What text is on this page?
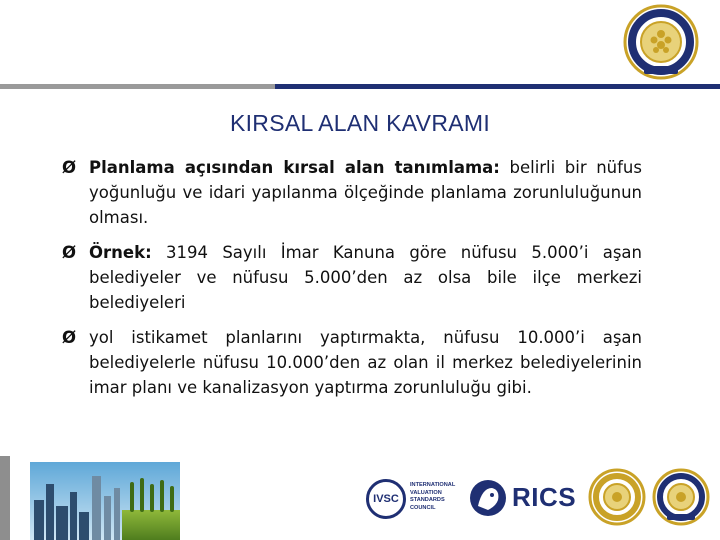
KIRSAL ALAN KAVRAMI
Ø Planlama açısından kırsal alan tanımlama: belirli bir nüfus yoğunluğu ve idari yapılanma ölçeğinde planlama zorunluluğunun olması.
Ø Örnek: 3194 Sayılı İmar Kanuna göre nüfusu 5.000’i aşan belediyeler ve nüfusu 5.000’den az olsa bile ilçe merkezi belediyeleri
Ø yol istikamet planlarını yaptırmakta, nüfusu 10.000’i aşan belediyelerle nüfusu 10.000’den az olan il merkez belediyelerinin imar planı ve kanalizasyon yaptırma zorunluluğu gibi.
IVSC
INTERNATIONAL
VALUATION
STANDARDS
COUNCIL	RICS
